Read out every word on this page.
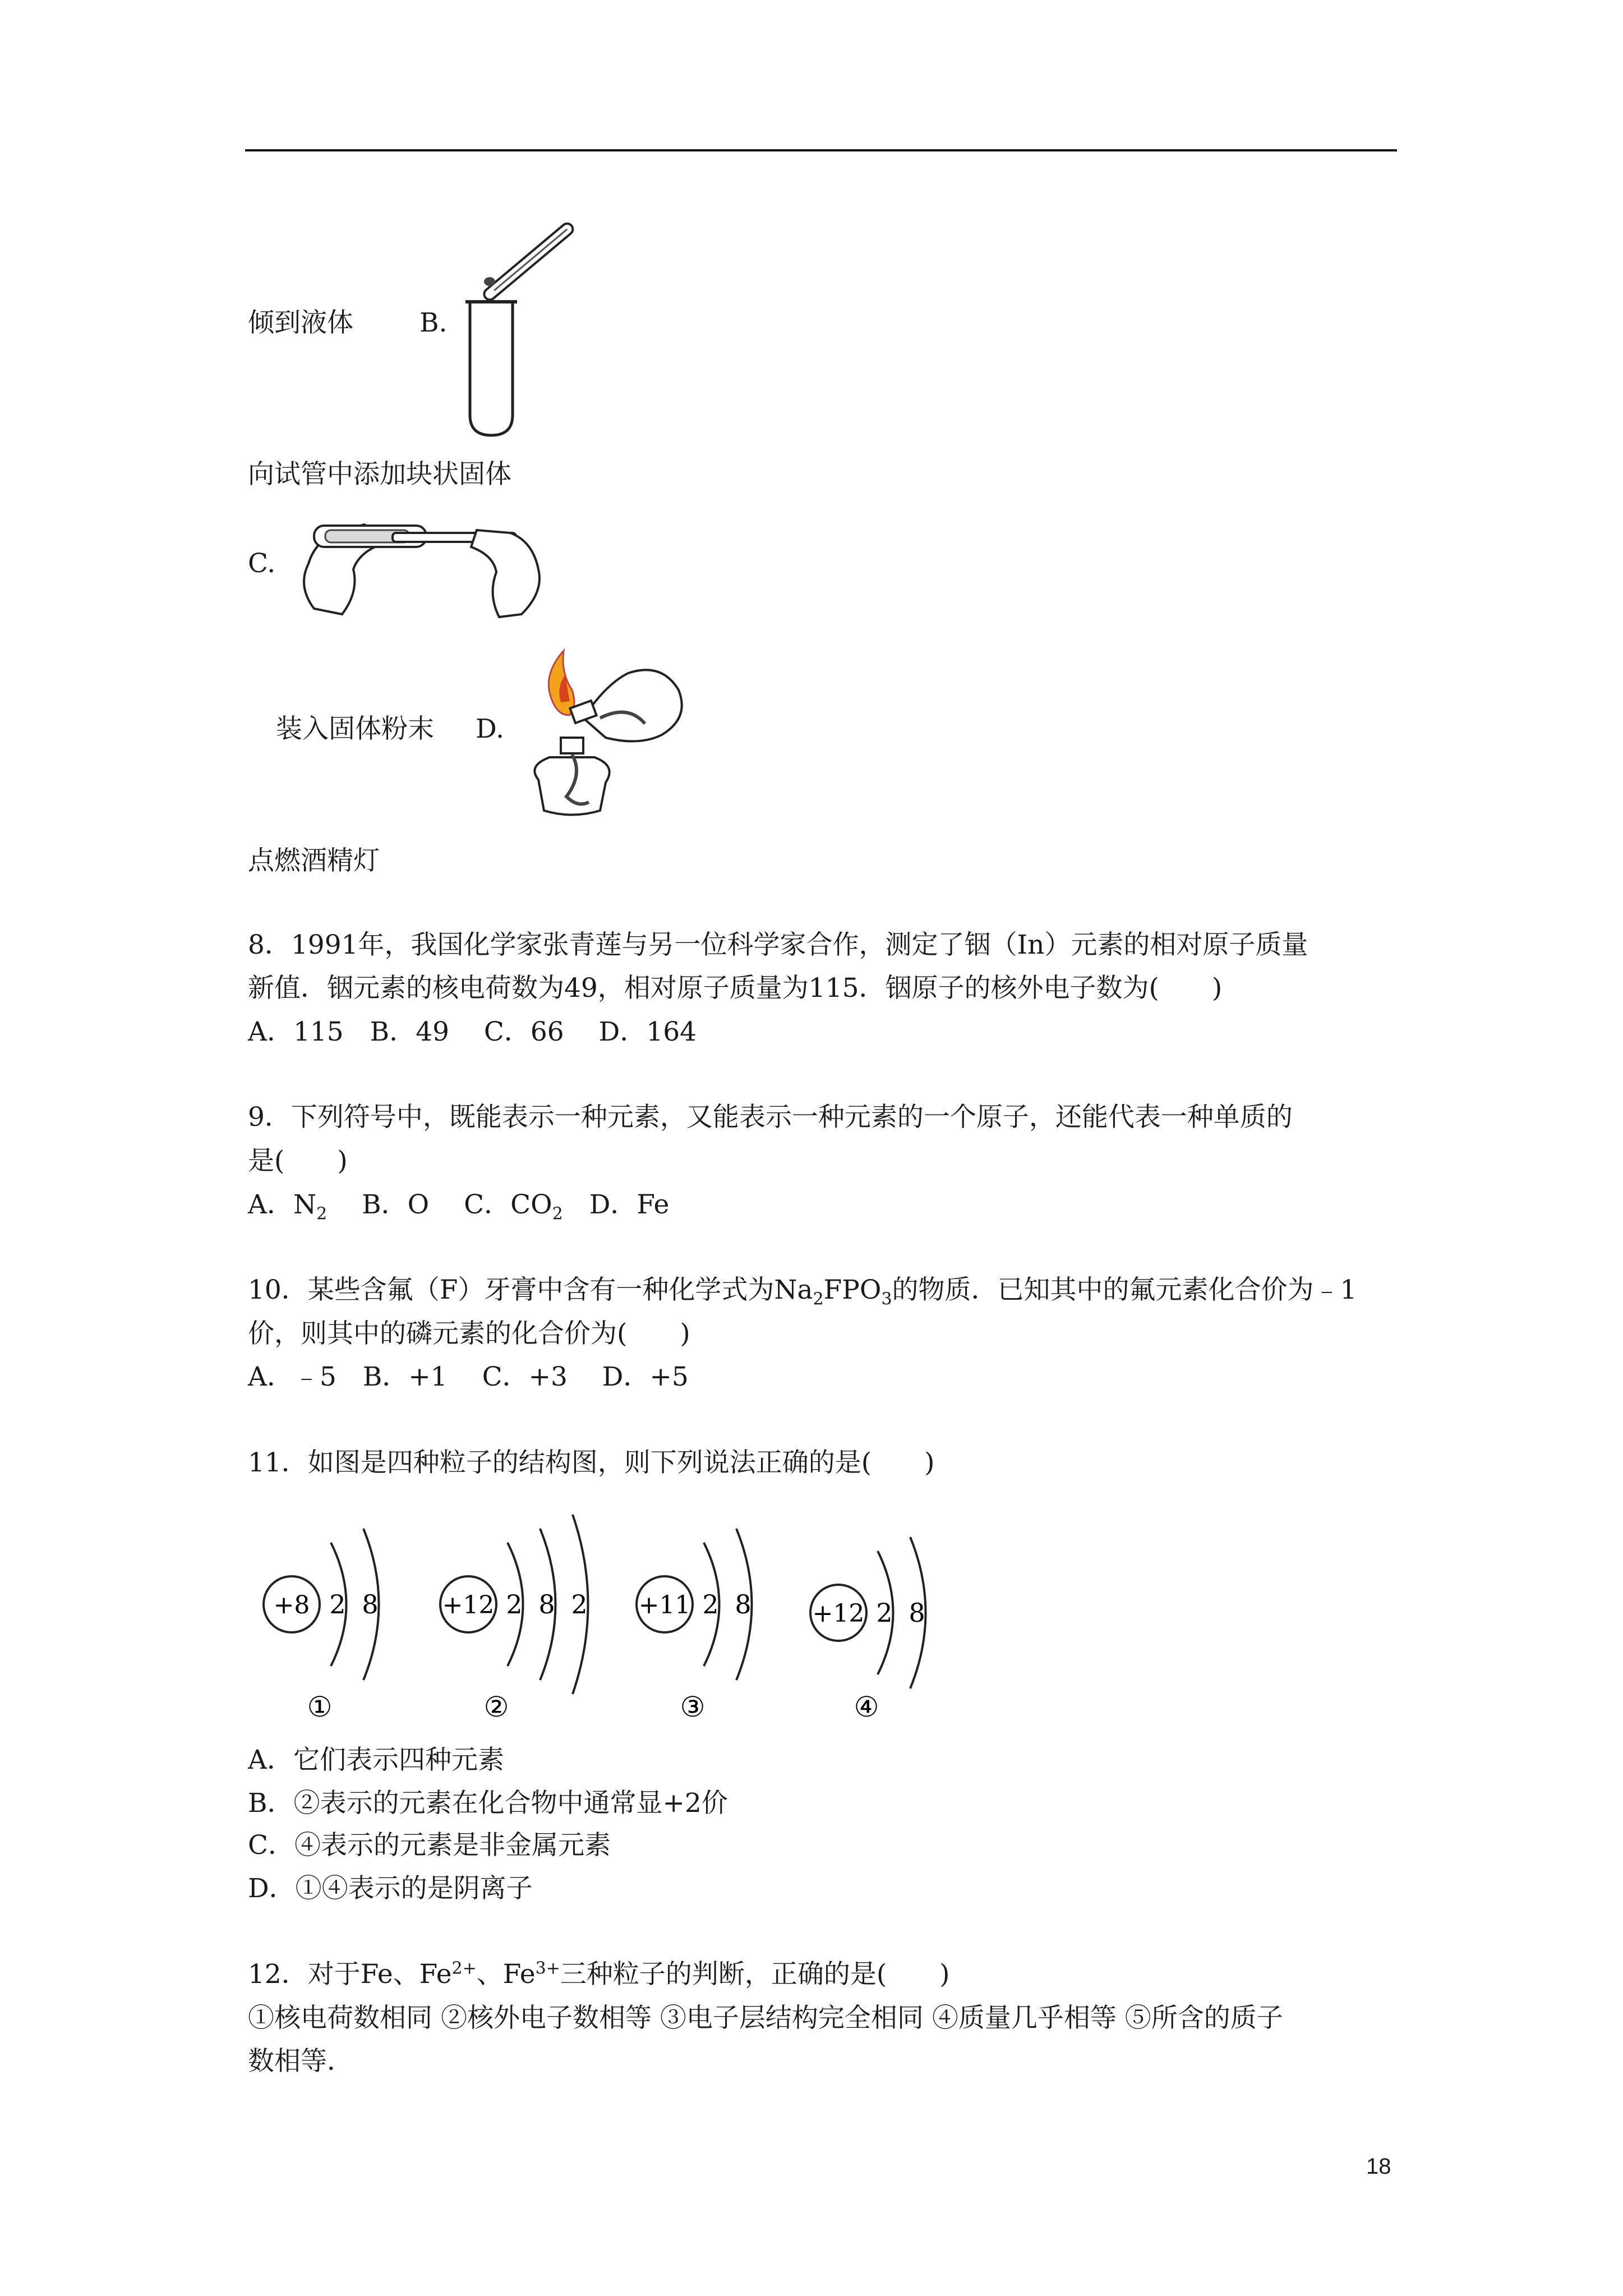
倾到液体	B.
向试管中添加块状固体
C.
装入固体粉末 D.
点燃酒精灯
8．1991年，我国化学家张青莲与另一位科学家合作，测定了铟（In）元素的相对原子质量
新值．铟元素的核电荷数为49，相对原子质量为115．铟原子的核外电子数为(　　)
A．115　B．49　 C．66　 D．164
9．下列符号中，既能表示一种元素，又能表示一种元素的一个原子，还能代表一种单质的
是(　　)
A．$N_2$　 B．O　 C．$CO_2$　 D．Fe
10．某些含氟（F）牙膏中含有一种化学式为$Na_2FPO_3$的物质．已知其中的氟元素化合价为﹣1
价，则其中的磷元素的化合价为(　　)
A．﹣5　B．+1　 C．+3　 D．+5
11．如图是四种粒子的结构图，则下列说法正确的是(　　)
+8 2 8
①
+12 2 8 2
②
+11 2 8
③
+12 2 8
④
A．它们表示四种元素
B．②表示的元素在化合物中通常显+2价
C．④表示的元素是非金属元素
D．①④表示的是阴离子
12．对于Fe、$Fe^{2+}$、$Fe^{3+}$三种粒子的判断，正确的是(　　)
①核电荷数相同 ②核外电子数相等 ③电子层结构完全相同 ④质量几乎相等 ⑤所含的质子
数相等．
18
